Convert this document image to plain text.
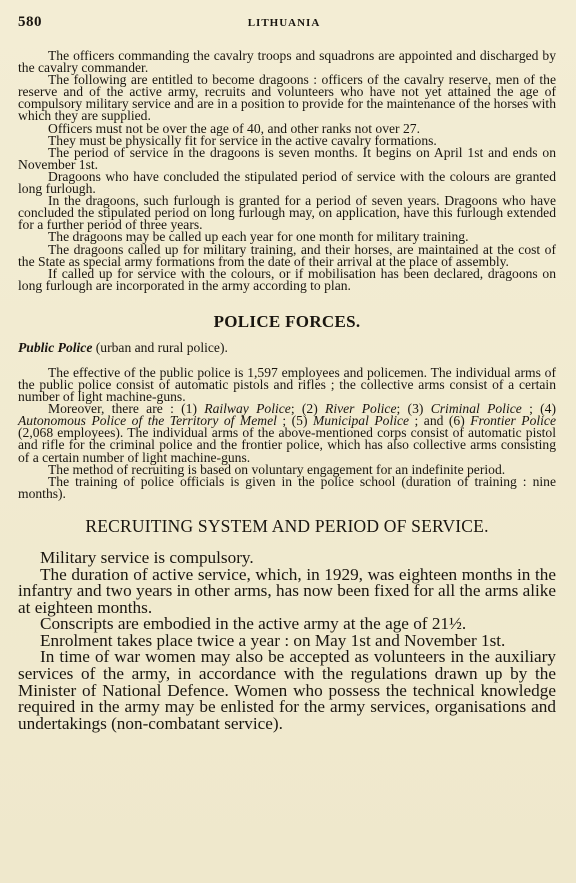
580	LITHUANIA

The officers commanding the cavalry troops and squadrons are appointed and discharged by the cavalry commander.

The following are entitled to become dragoons : officers of the cavalry reserve, men of the reserve and of the active army, recruits and volunteers who have not yet attained the age of compulsory military service and are in a position to provide for the maintenance of the horses with which they are supplied.

Officers must not be over the age of 40, and other ranks not over 27.

They must be physically fit for service in the active cavalry formations.

The period of service in the dragoons is seven months. It begins on April 1st and ends on November 1st.

Dragoons who have concluded the stipulated period of service with the colours are granted long furlough.

In the dragoons, such furlough is granted for a period of seven years. Dragoons who have concluded the stipulated period on long furlough may, on application, have this furlough extended for a further period of three years.

The dragoons may be called up each year for one month for military training.

The dragoons called up for military training, and their horses, are maintained at the cost of the State as special army formations from the date of their arrival at the place of assembly.

If called up for service with the colours, or if mobilisation has been declared, dragoons on long furlough are incorporated in the army according to plan.

POLICE FORCES.
Public Police (urban and rural police).

The effective of the public police is 1,597 employees and policemen. The individual arms of the public police consist of automatic pistols and rifles ; the collective arms consist of a certain number of light machine-guns.

Moreover, there are : (1) Railway Police; (2) River Police; (3) Criminal Police ; (4) Autonomous Police of the Territory of Memel ; (5) Municipal Police ; and (6) Frontier Police (2,068 employees). The individual arms of the above-mentioned corps consist of automatic pistol and rifle for the criminal police and the frontier police, which has also collective arms consisting of a certain number of light machine-guns.

The method of recruiting is based on voluntary engagement for an indefinite period.

The training of police officials is given in the police school (duration of training : nine months).

RECRUITING SYSTEM AND PERIOD OF SERVICE.

Military service is compulsory.

The duration of active service, which, in 1929, was eighteen months in the infantry and two years in other arms, has now been fixed for all the arms alike at eighteen months.

Conscripts are embodied in the active army at the age of 21½.

Enrolment takes place twice a year : on May 1st and November 1st.

In time of war women may also be accepted as volunteers in the auxiliary services of the army, in accordance with the regulations drawn up by the Minister of National Defence. Women who possess the technical knowledge required in the army may be enlisted for the army services, organisations and undertakings (non-combatant service).
